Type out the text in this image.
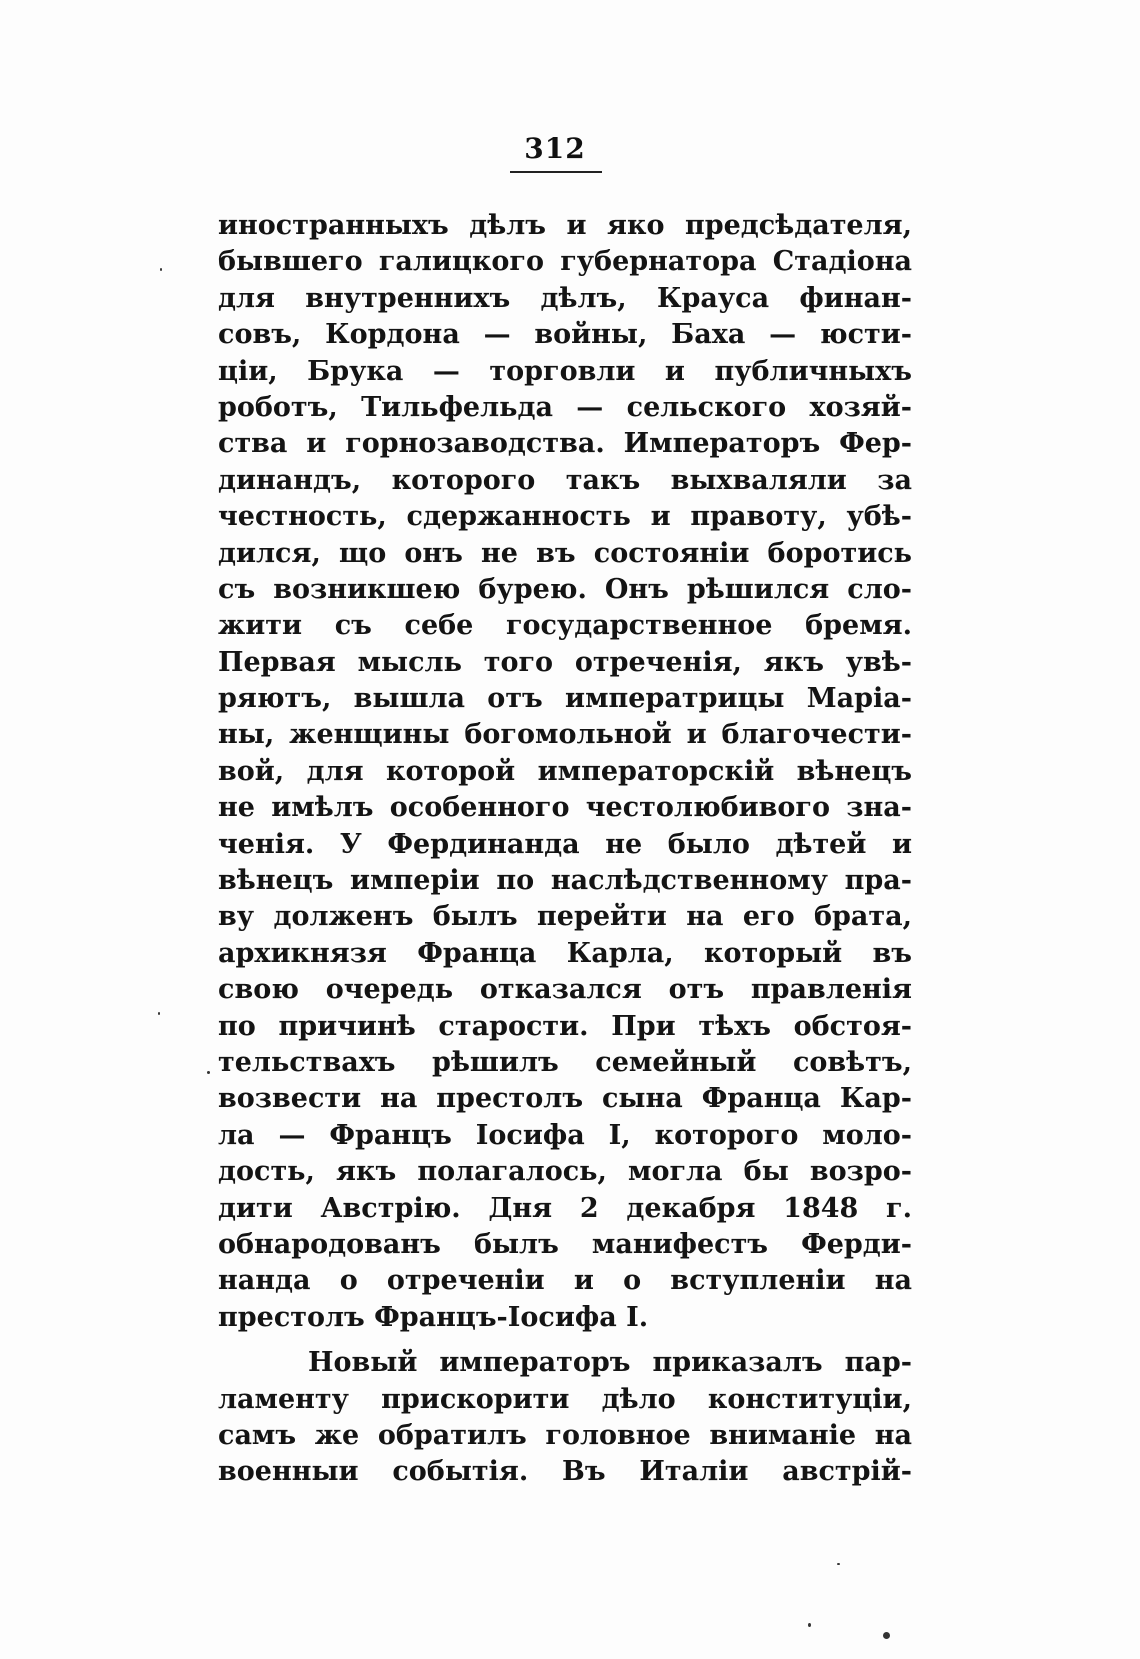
312
иностранныхъ дѣлъ и яко предсѣдателя,
бывшего галицкого губернатора Стадіона
для внутреннихъ дѣлъ, Крауса финан-
совъ, Кордона — войны, Баха — юсти-
ціи, Брука — торговли и публичныхъ
роботъ, Тильфельда — сельского хозяй-
ства и горнозаводства. Императоръ Фер-
динандъ, которого такъ выхваляли за
честность, сдержанность и правоту, убѣ-
дился, що онъ не въ состояніи боротись
съ возникшею бурею. Онъ рѣшился сло-
жити съ себе государственное бремя.
Первая мысль того отреченія, якъ увѣ-
ряютъ, вышла отъ императрицы Маріа-
ны, женщины богомольной и благочести-
вой, для которой императорскій вѣнецъ
не имѣлъ особенного честолюбивого зна-
ченія. У Фердинанда не было дѣтей и
вѣнецъ имперіи по наслѣдственному пра-
ву долженъ былъ перейти на его брата,
архикнязя Франца Карла, который въ
свою очередь отказался отъ правленія
по причинѣ старости. При тѣхъ обстоя-
тельствахъ рѣшилъ семейный совѣтъ,
возвести на престолъ сына Франца Кар-
ла — Францъ Іосифа I, которого моло-
дость, якъ полагалось, могла бы возро-
дити Австрію. Дня 2 декабря 1848 г.
обнародованъ былъ манифестъ Ферди-
нанда о отреченіи и о вступленіи на
престолъ Францъ-Іосифа I.
Новый императоръ приказалъ пар-
ламенту прискорити дѣло конституціи,
самъ же обратилъ головное вниманіе на
военныи событія. Въ Италіи австрій-
